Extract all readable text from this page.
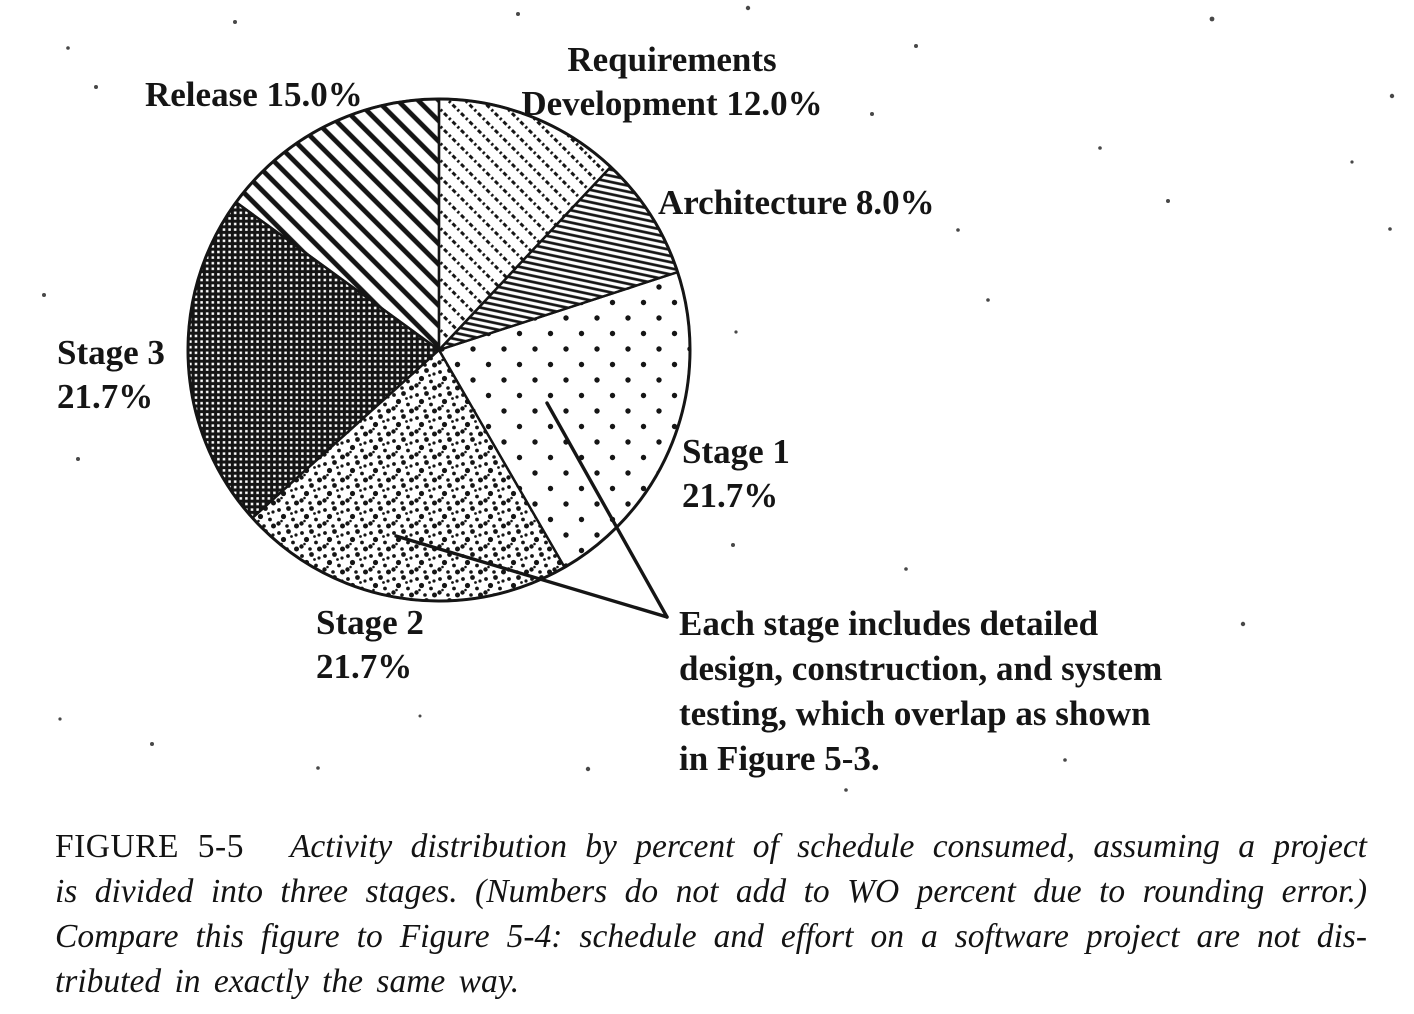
Requirements
Development 12.0%
Release 15.0%
Architecture 8.0%
Stage 3
21.7%
Stage 1
21.7%
Stage 2
21.7%
Each stage includes detailed
design, construction, and system
testing, which overlap as shown
in Figure 5-3.
FIGURE 5-5 Activity distribution by percent of schedule consumed, assuming a project
is divided into three stages. (Numbers do not add to WO percent due to rounding error.)
Compare this figure to Figure 5-4: schedule and effort on a software project are not dis-
tributed in exactly the same way.
